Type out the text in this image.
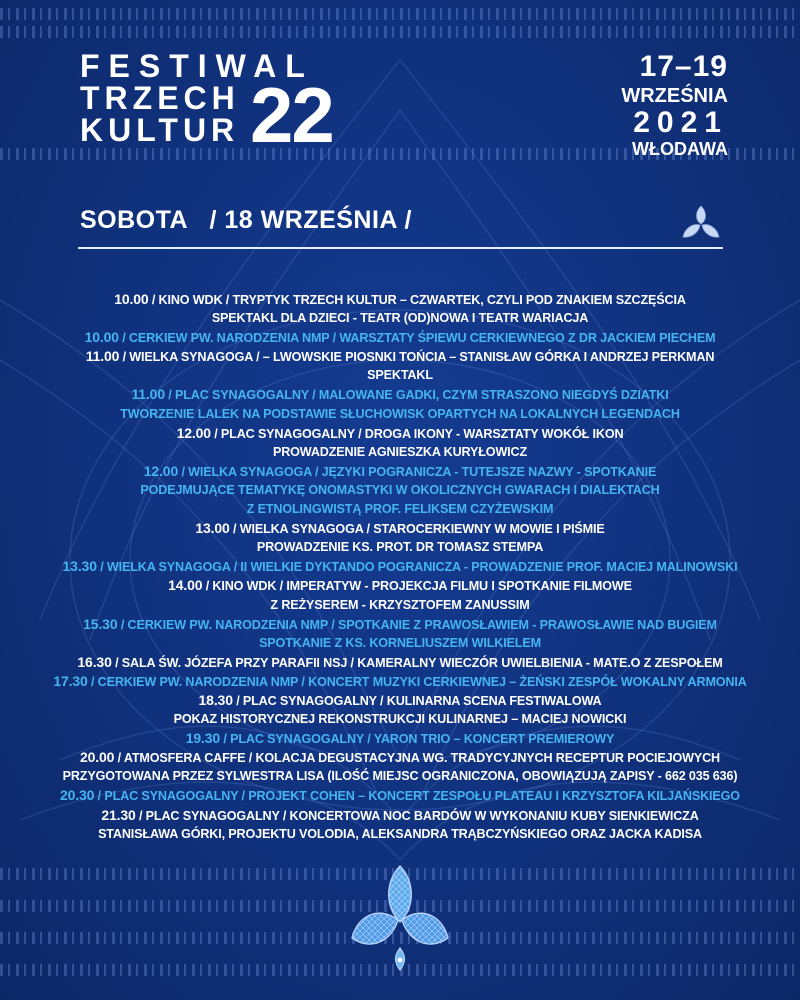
FESTIWAL
TRZECH
KULTUR 22
17–19
WRZEŚNIA
2021
WŁODAWA
SOBOTA   / 18 WRZEŚNIA /
10.00 / KINO WDK / TRYPTYK TRZECH KULTUR – CZWARTEK, CZYLI POD ZNAKIEM SZCZĘŚCIA
SPEKTAKL DLA DZIECI - TEATR (OD)NOWA I TEATR WARIACJA
10.00 / CERKIEW PW. NARODZENIA NMP / WARSZTATY ŚPIEWU CERKIEWNEGO Z DR JACKIEM PIECHEM
11.00 / WIELKA SYNAGOGA / – LWOWSKIE PIOSNKI TOŃCIA – STANISŁAW GÓRKA I ANDRZEJ PERKMAN
SPEKTAKL
11.00 / PLAC SYNAGOGALNY / MALOWANE GADKI, CZYM STRASZONO NIEGDYŚ DZIATKI
TWORZENIE LALEK NA PODSTAWIE SŁUCHOWISK OPARTYCH NA LOKALNYCH LEGENDACH
12.00 / PLAC SYNAGOGALNY / DROGA IKONY - WARSZTATY WOKÓŁ IKON
PROWADZENIE AGNIESZKA KURYŁOWICZ
12.00 / WIELKA SYNAGOGA / JĘZYKI POGRANICZA - TUTEJSZE NAZWY - SPOTKANIE
PODEJMUJĄCE TEMATYKĘ ONOMASTYKI W OKOLICZNYCH GWARACH I DIALEKTACH
Z ETNOLINGWISTĄ PROF. FELIKSEM CZYŻEWSKIM
13.00 / WIELKA SYNAGOGA / STAROCERKIEWNY W MOWIE I PIŚMIE
PROWADZENIE KS. PROT. DR TOMASZ STEMPA
13.30 / WIELKA SYNAGOGA / II WIELKIE DYKTANDO POGRANICZA - PROWADZENIE PROF. MACIEJ MALINOWSKI
14.00 / KINO WDK / IMPERATYW - PROJEKCJA FILMU I SPOTKANIE FILMOWE
Z REŻYSEREM - KRZYSZTOFEM ZANUSSIM
15.30 / CERKIEW PW. NARODZENIA NMP / SPOTKANIE Z PRAWOSŁAWIEM - PRAWOSŁAWIE NAD BUGIEM
SPOTKANIE Z KS. KORNELIUSZEM WILKIELEM
16.30 / SALA ŚW. JÓZEFA PRZY PARAFII NSJ / KAMERALNY WIECZÓR UWIELBIENIA - MATE.O Z ZESPOŁEM
17.30 / CERKIEW PW. NARODZENIA NMP / KONCERT MUZYKI CERKIEWNEJ – ŻEŃSKI ZESPÓŁ WOKALNY ARMONIA
18.30 / PLAC SYNAGOGALNY / KULINARNA SCENA FESTIWALOWA
POKAZ HISTORYCZNEJ REKONSTRUKCJI KULINARNEJ – MACIEJ NOWICKI
19.30 / PLAC SYNAGOGALNY / YARON TRIO – KONCERT PREMIEROWY
20.00 / ATMOSFERA CAFFE / KOLACJA DEGUSTACYJNA WG. TRADYCYJNYCH RECEPTUR POCIEJOWYCH
PRZYGOTOWANA PRZEZ SYLWESTRA LISA (ILOŚĆ MIEJSC OGRANICZONA, OBOWIĄZUJĄ ZAPISY - 662 035 636)
20.30 / PLAC SYNAGOGALNY / PROJEKT COHEN – KONCERT ZESPOŁU PLATEAU I KRZYSZTOFA KILJAŃSKIEGO
21.30 / PLAC SYNAGOGALNY / KONCERTOWA NOC BARDÓW W WYKONANIU KUBY SIENKIEWICZA
STANISŁAWA GÓRKI, PROJEKTU VOLODIA, ALEKSANDRA TRĄBCZYŃSKIEGO ORAZ JACKA KADISA
